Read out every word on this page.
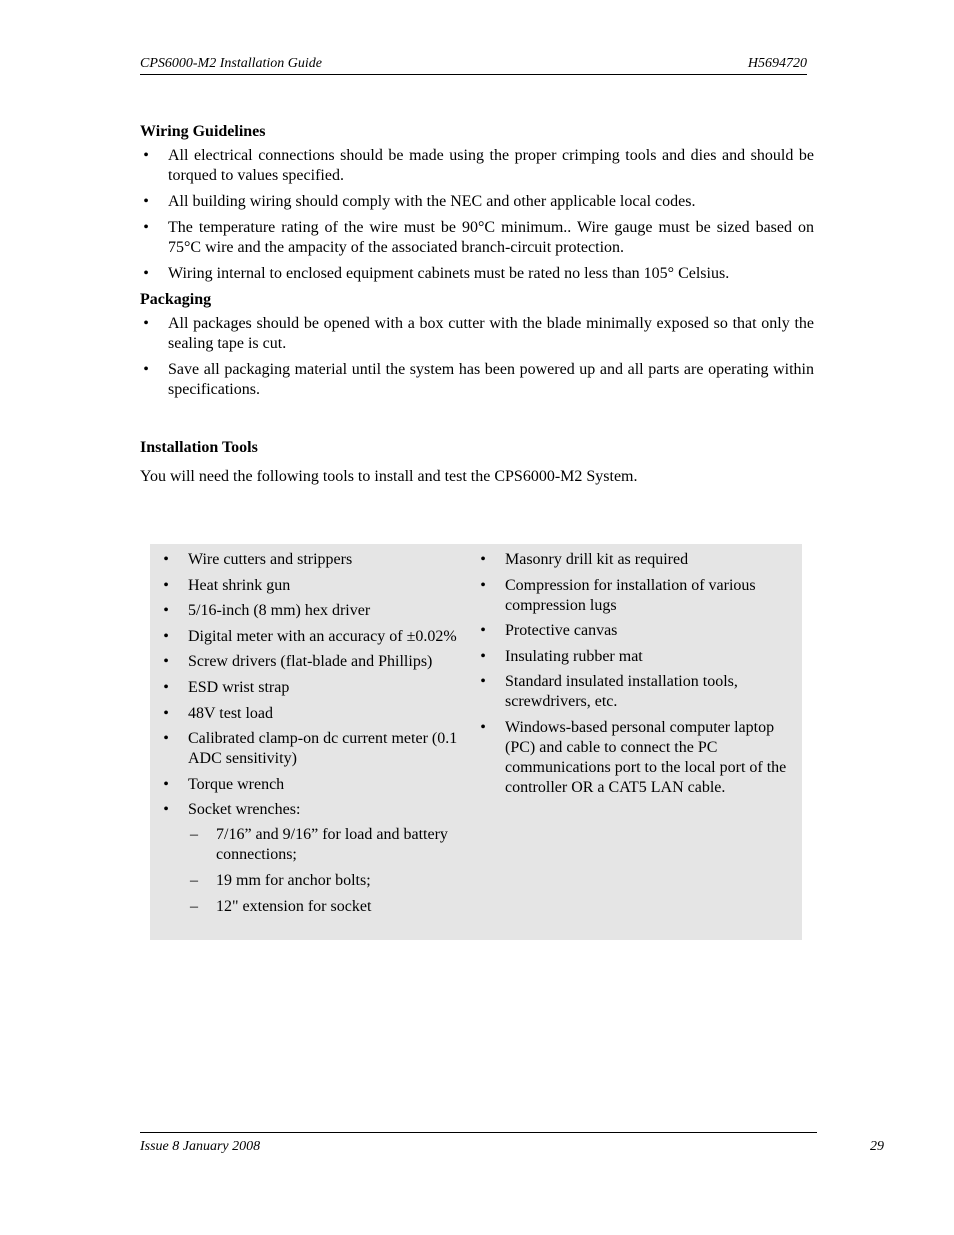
CPS6000-M2 Installation Guide	H5694720
Wiring Guidelines
• All electrical connections should be made using the proper crimping tools and dies and should be torqued to values specified.
• All building wiring should comply with the NEC and other applicable local codes.
• The temperature rating of the wire must be 90°C minimum.. Wire gauge must be sized based on 75°C wire and the ampacity of the associated branch-circuit protection.
• Wiring internal to enclosed equipment cabinets must be rated no less than 105° Celsius.
Packaging
• All packages should be opened with a box cutter with the blade minimally exposed so that only the sealing tape is cut.
• Save all packaging material until the system has been powered up and all parts are operating within specifications.
Installation Tools

You will need the following tools to install and test the CPS6000-M2 System.

• Wire cutters and strippers
• Heat shrink gun
• 5/16-inch (8 mm) hex driver
• Digital meter with an accuracy of ±0.02%
• Screw drivers (flat-blade and Phillips)
• ESD wrist strap
• 48V test load
• Calibrated clamp-on dc current meter (0.1 ADC sensitivity)
• Torque wrench
• Socket wrenches:
– 7/16” and 9/16” for load and battery connections;
– 19 mm for anchor bolts;
– 12" extension for socket
• Masonry drill kit as required
• Compression for installation of various compression lugs
• Protective canvas
• Insulating rubber mat
• Standard insulated installation tools, screwdrivers, etc.
• Windows-based personal computer laptop (PC) and cable to connect the PC communications port to the local port of the controller OR a CAT5 LAN cable.
Issue 8 January 2008	29
